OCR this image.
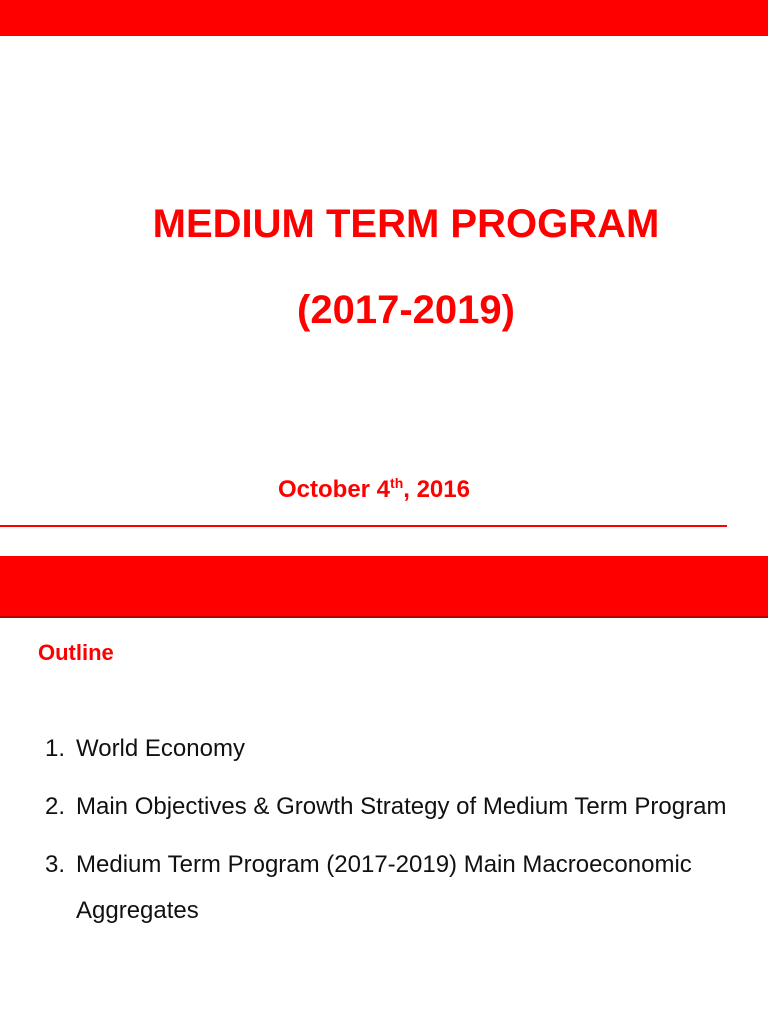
MEDIUM TERM PROGRAM
(2017-2019)
October 4th, 2016
Outline
1. World Economy
2. Main Objectives & Growth Strategy of Medium Term Program
3. Medium Term Program (2017-2019) Main Macroeconomic Aggregates
